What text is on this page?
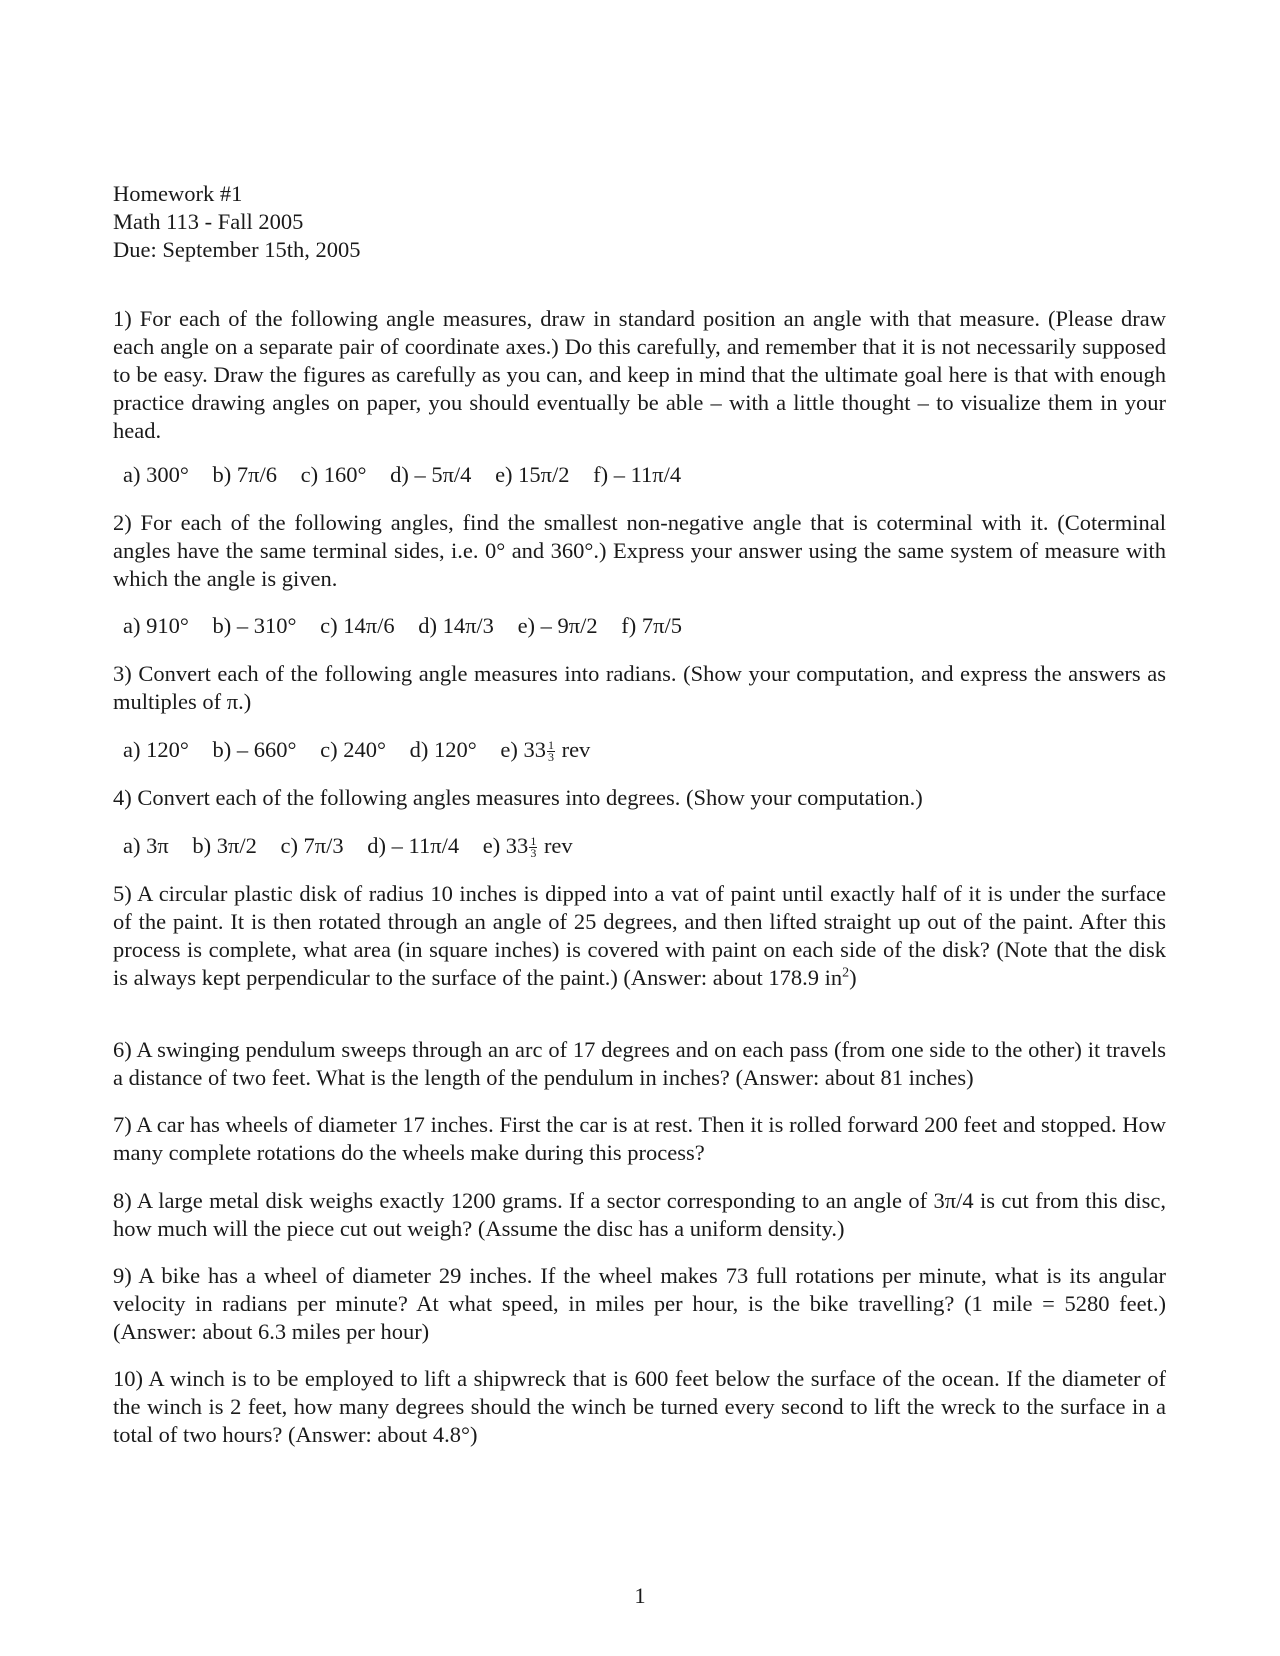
Homework #1
Math 113 - Fall 2005
Due: September 15th, 2005

1) For each of the following angle measures, draw in standard position an angle with that measure. (Please draw each angle on a separate pair of coordinate axes.) Do this carefully, and remember that it is not necessarily supposed to be easy. Draw the figures as carefully as you can, and keep in mind that the ultimate goal here is that with enough practice drawing angles on paper, you should eventually be able – with a little thought – to visualize them in your head.

a) 300° b) 7π/6 c) 160° d) – 5π/4 e) 15π/2 f) – 11π/4

2) For each of the following angles, find the smallest non-negative angle that is coterminal with it. (Coterminal angles have the same terminal sides, i.e. 0° and 360°.) Express your answer using the same system of measure with which the angle is given.

a) 910° b) – 310° c) 14π/6 d) 14π/3 e) – 9π/2 f) 7π/5

3) Convert each of the following angle measures into radians. (Show your computation, and express the answers as multiples of π.)

a) 120° b) – 660° c) 240° d) 120° e) $33 \frac{1}{3}$ rev

4) Convert each of the following angles measures into degrees. (Show your computation.)

a) 3π b) 3π/2 c) 7π/3 d) – 11π/4 e) $33 \frac{1}{3}$ rev

5) A circular plastic disk of radius 10 inches is dipped into a vat of paint until exactly half of it is under the surface of the paint. It is then rotated through an angle of 25 degrees, and then lifted straight up out of the paint. After this process is complete, what area (in square inches) is covered with paint on each side of the disk? (Note that the disk is always kept perpendicular to the surface of the paint.) (Answer: about 178.9 $in^2$)

6) A swinging pendulum sweeps through an arc of 17 degrees and on each pass (from one side to the other) it travels a distance of two feet. What is the length of the pendulum in inches? (Answer: about 81 inches)

7) A car has wheels of diameter 17 inches. First the car is at rest. Then it is rolled forward 200 feet and stopped. How many complete rotations do the wheels make during this process?

8) A large metal disk weighs exactly 1200 grams. If a sector corresponding to an angle of 3π/4 is cut from this disc, how much will the piece cut out weigh? (Assume the disc has a uniform density.)

9) A bike has a wheel of diameter 29 inches. If the wheel makes 73 full rotations per minute, what is its angular velocity in radians per minute? At what speed, in miles per hour, is the bike travelling? (1 mile = 5280 feet.) (Answer: about 6.3 miles per hour)

10) A winch is to be employed to lift a shipwreck that is 600 feet below the surface of the ocean. If the diameter of the winch is 2 feet, how many degrees should the winch be turned every second to lift the wreck to the surface in a total of two hours? (Answer: about 4.8°)

1
